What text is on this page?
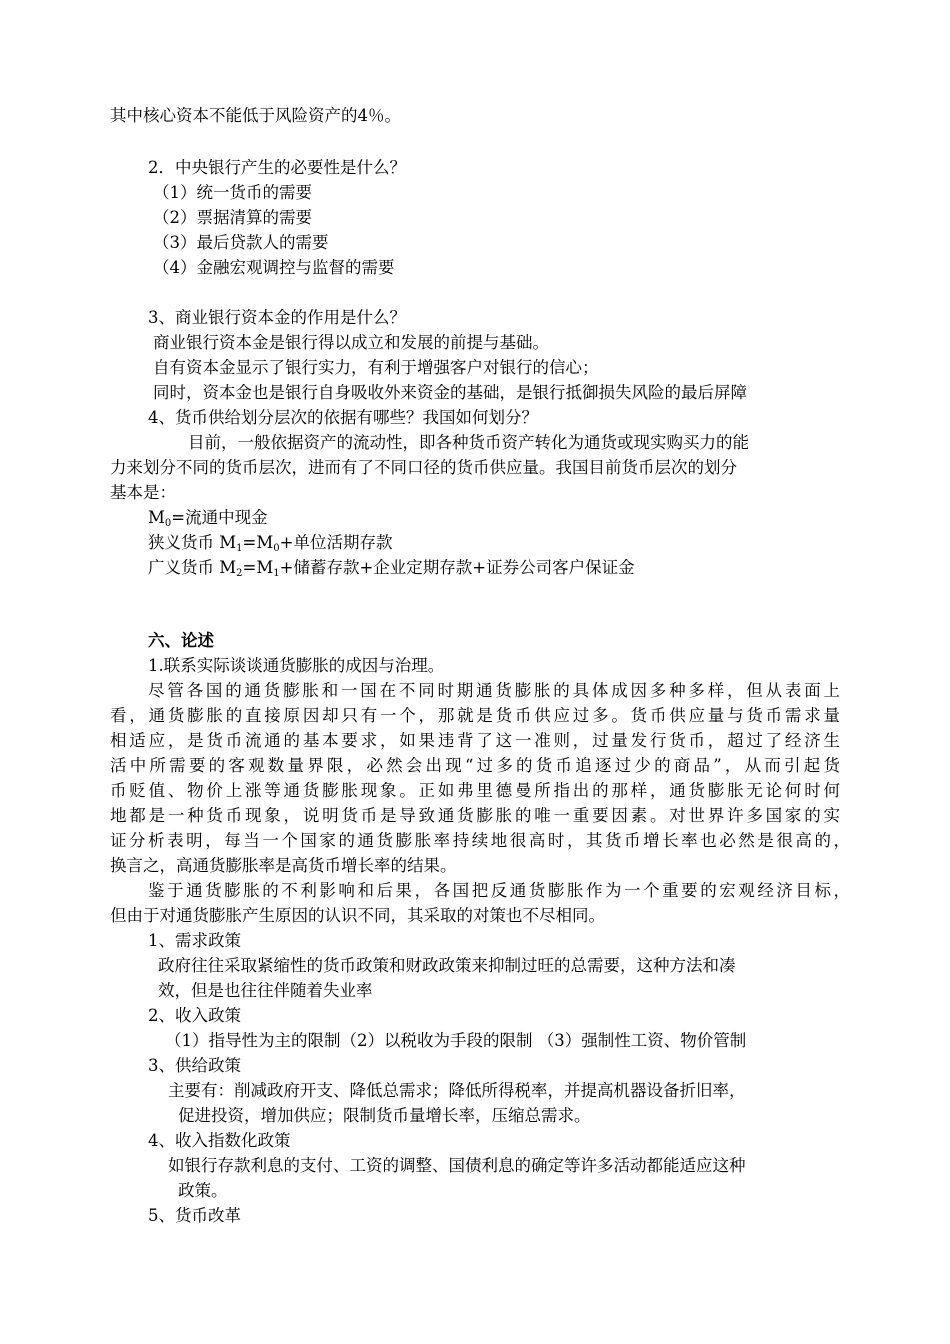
其中核心资本不能低于风险资产的4％。
2．中央银行产生的必要性是什么？
（1）统一货币的需要
（2）票据清算的需要
（3）最后贷款人的需要
（4）金融宏观调控与监督的需要
3、商业银行资本金的作用是什么？
商业银行资本金是银行得以成立和发展的前提与基础。
自有资本金显示了银行实力，有利于增强客户对银行的信心；
同时，资本金也是银行自身吸收外来资金的基础，是银行抵御损失风险的最后屏障
4、货币供给划分层次的依据有哪些？我国如何划分？
目前，一般依据资产的流动性，即各种货币资产转化为通货或现实购买力的能
力来划分不同的货币层次，进而有了不同口径的货币供应量。我国目前货币层次的划分
基本是：
$M_0=$流通中现金
狭义货币 $M_1=M_0+$单位活期存款
广义货币 $M_2=M_1+$储蓄存款+企业定期存款+证券公司客户保证金
六、论述
1.联系实际谈谈通货膨胀的成因与治理。
尽管各国的通货膨胀和一国在不同时期通货膨胀的具体成因多种多样，但从表面上
看，通货膨胀的直接原因却只有一个，那就是货币供应过多。货币供应量与货币需求量
相适应，是货币流通的基本要求，如果违背了这一准则，过量发行货币，超过了经济生
活中所需要的客观数量界限，必然会出现“过多的货币追逐过少的商品”，从而引起货
币贬值、物价上涨等通货膨胀现象。正如弗里德曼所指出的那样，通货膨胀无论何时何
地都是一种货币现象，说明货币是导致通货膨胀的唯一重要因素。对世界许多国家的实
证分析表明，每当一个国家的通货膨胀率持续地很高时，其货币增长率也必然是很高的，
换言之，高通货膨胀率是高货币增长率的结果。
鉴于通货膨胀的不利影响和后果，各国把反通货膨胀作为一个重要的宏观经济目标，
但由于对通货膨胀产生原因的认识不同，其采取的对策也不尽相同。
1、需求政策
政府往往采取紧缩性的货币政策和财政政策来抑制过旺的总需要，这种方法和凑
效，但是也往往伴随着失业率
2、收入政策
（1）指导性为主的限制（2）以税收为手段的限制 （3）强制性工资、物价管制
3、供给政策
主要有：削减政府开支、降低总需求；降低所得税率，并提高机器设备折旧率，
促进投资，增加供应；限制货币量增长率，压缩总需求。
4、收入指数化政策
如银行存款利息的支付、工资的调整、国债利息的确定等许多活动都能适应这种
政策。
5、货币改革
